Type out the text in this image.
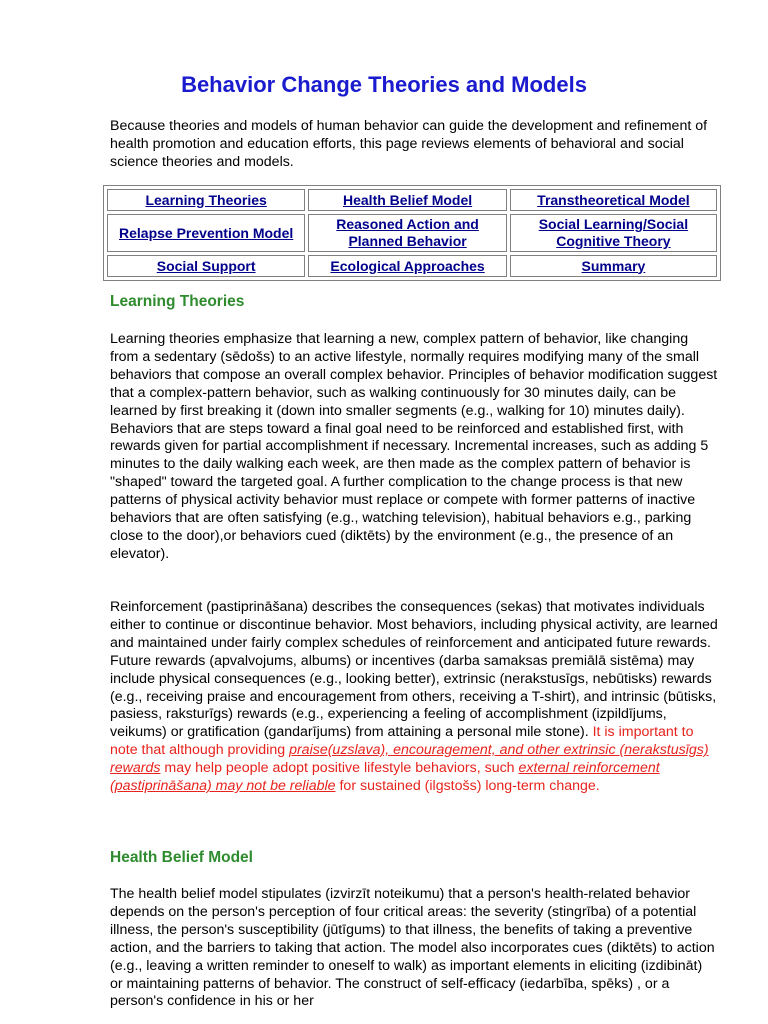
Behavior Change Theories and Models

Because theories and models of human behavior can guide the development and refinement of health promotion and education efforts, this page reviews elements of behavioral and social science theories and models.

Learning Theories	Health Belief Model	Transtheoretical Model
Relapse Prevention Model	Reasoned Action and Planned Behavior	Social Learning/Social Cognitive Theory
Social Support	Ecological Approaches	Summary
Learning Theories

Learning theories emphasize that learning a new, complex pattern of behavior, like changing from a sedentary (sēdošs) to an active lifestyle, normally requires modifying many of the small behaviors that compose an overall complex behavior. Principles of behavior modification suggest that a complex-pattern behavior, such as walking continuously for 30 minutes daily, can be learned by first breaking it (down into smaller segments (e.g., walking for 10) minutes daily). Behaviors that are steps toward a final goal need to be reinforced and established first, with rewards given for partial accomplishment if necessary. Incremental increases, such as adding 5 minutes to the daily walking each week, are then made as the complex pattern of behavior is "shaped" toward the targeted goal. A further complication to the change process is that new patterns of physical activity behavior must replace or compete with former patterns of inactive behaviors that are often satisfying (e.g., watching television), habitual behaviors e.g., parking close to the door),or behaviors cued (diktēts) by the environment (e.g., the presence of an elevator).

Reinforcement (pastiprināšana) describes the consequences (sekas) that motivates individuals either to continue or discontinue behavior. Most behaviors, including physical activity, are learned and maintained under fairly complex schedules of reinforcement and anticipated future rewards. Future rewards (apvalvojums, albums) or incentives (darba samaksas premiālā sistēma) may include physical consequences (e.g., looking better), extrinsic (nerakstusīgs, nebūtisks) rewards (e.g., receiving praise and encouragement from others, receiving a T-shirt), and intrinsic (būtisks, pasiess, raksturīgs) rewards (e.g., experiencing a feeling of accomplishment (izpildījums, veikums) or gratification (gandarījums) from attaining a personal mile stone). It is important to note that although providing praise(uzslava), encouragement, and other extrinsic (nerakstusīgs) rewards may help people adopt positive lifestyle behaviors, such external reinforcement (pastiprināšana) may not be reliable for sustained (ilgstošs) long-term change.

Health Belief Model

The health belief model stipulates (izvirzīt noteikumu) that a person's health-related behavior depends on the person's perception of four critical areas: the severity (stingrība) of a potential illness, the person's susceptibility (jūtīgums) to that illness, the benefits of taking a preventive action, and the barriers to taking that action. The model also incorporates cues (diktēts) to action (e.g., leaving a written reminder to oneself to walk) as important elements in eliciting (izdibināt) or maintaining patterns of behavior. The construct of self-efficacy (iedarbība, spēks) , or a person's confidence in his or her
